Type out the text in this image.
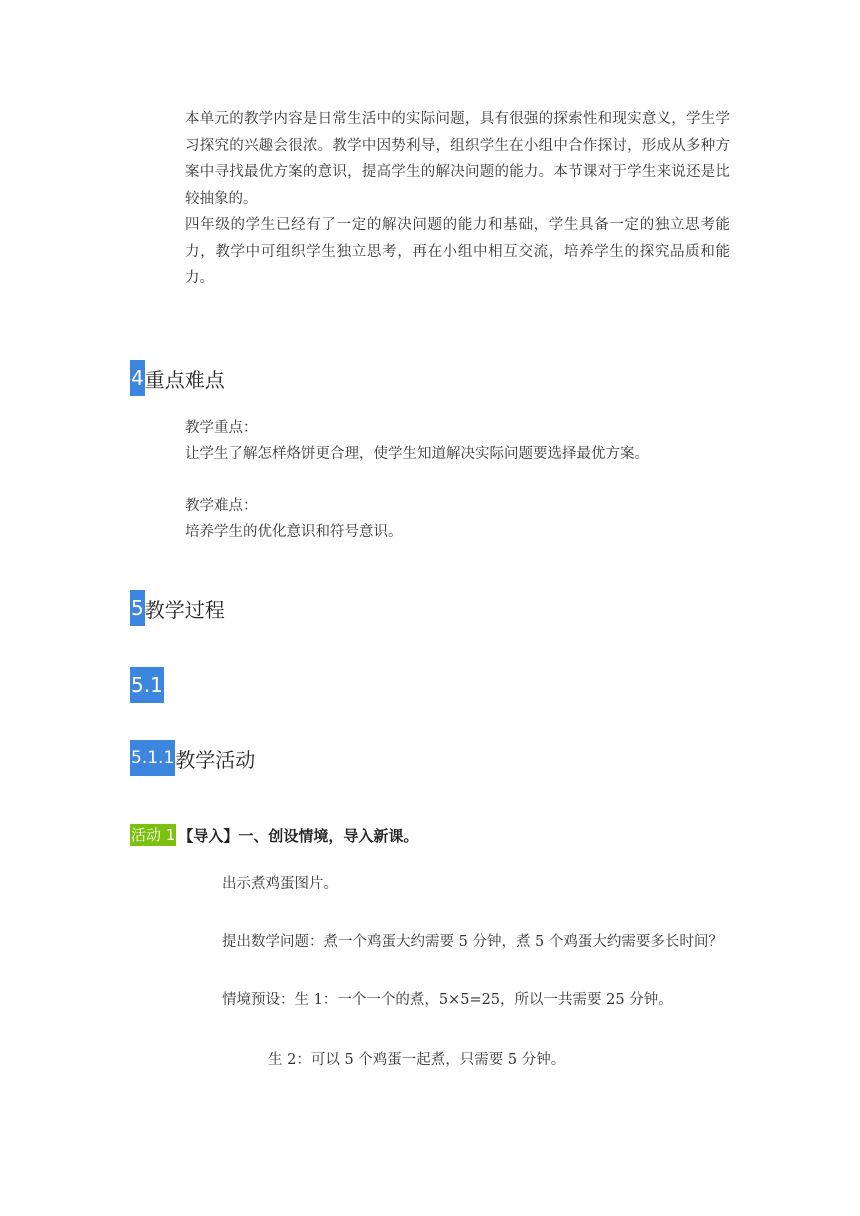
本单元的教学内容是日常生活中的实际问题，具有很强的探索性和现实意义，学生学习探究的兴趣会很浓。教学中因势利导，组织学生在小组中合作探讨，形成从多种方案中寻找最优方案的意识，提高学生的解决问题的能力。本节课对于学生来说还是比较抽象的。

四年级的学生已经有了一定的解决问题的能力和基础，学生具备一定的独立思考能力，教学中可组织学生独立思考，再在小组中相互交流，培养学生的探究品质和能力。

4 重点难点

教学重点：

让学生了解怎样烙饼更合理，使学生知道解决实际问题要选择最优方案。

教学难点：

培养学生的优化意识和符号意识。

5 教学过程
5.1
5.1.1 教学活动
活动 1 【导入】一、创设情境，导入新课。

出示煮鸡蛋图片。

提出数学问题：煮一个鸡蛋大约需要 5 分钟，煮 5 个鸡蛋大约需要多长时间？

情境预设：生 1：一个一个的煮，5×5=25，所以一共需要 25 分钟。

生 2：可以 5 个鸡蛋一起煮，只需要 5 分钟。
